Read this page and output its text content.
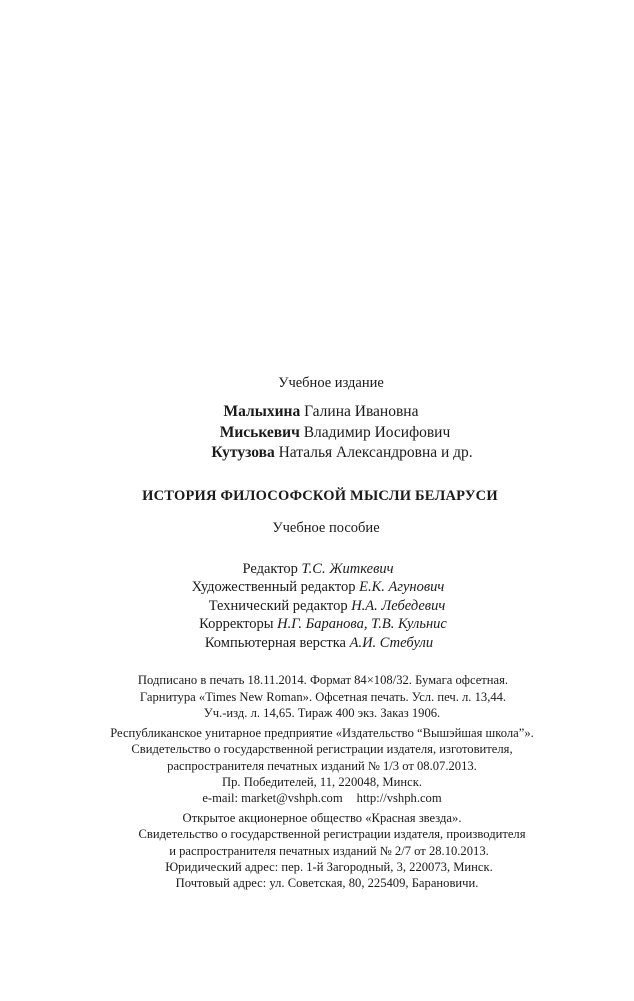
Учебное издание
Малыхина Галина Ивановна
Миськевич Владимир Иосифович
Кутузова Наталья Александровна и др.
ИСТОРИЯ ФИЛОСОФСКОЙ МЫСЛИ БЕЛАРУСИ
Учебное пособие
Редактор Т.С. Житкевич
Художественный редактор Е.К. Агунович
Технический редактор Н.А. Лебедевич
Корректоры Н.Г. Баранова, Т.В. Кульнис
Компьютерная верстка А.И. Стебули
Подписано в печать 18.11.2014. Формат 84×108/32. Бумага офсетная.
Гарнитура «Times New Roman». Офсетная печать. Усл. печ. л. 13,44.
Уч.-изд. л. 14,65. Тираж 400 экз. Заказ 1906.
Республиканское унитарное предприятие «Издательство “Вышэйшая школа”».
Свидетельство о государственной регистрации издателя, изготовителя,
распространителя печатных изданий № 1/3 от 08.07.2013.
Пр. Победителей, 11, 220048, Минск.
e-mail: market@vshph.com http://vshph.com
Открытое акционерное общество «Красная звезда».
Свидетельство о государственной регистрации издателя, производителя
и распространителя печатных изданий № 2/7 от 28.10.2013.
Юридический адрес: пер. 1-й Загородный, 3, 220073, Минск.
Почтовый адрес: ул. Советская, 80, 225409, Барановичи.
